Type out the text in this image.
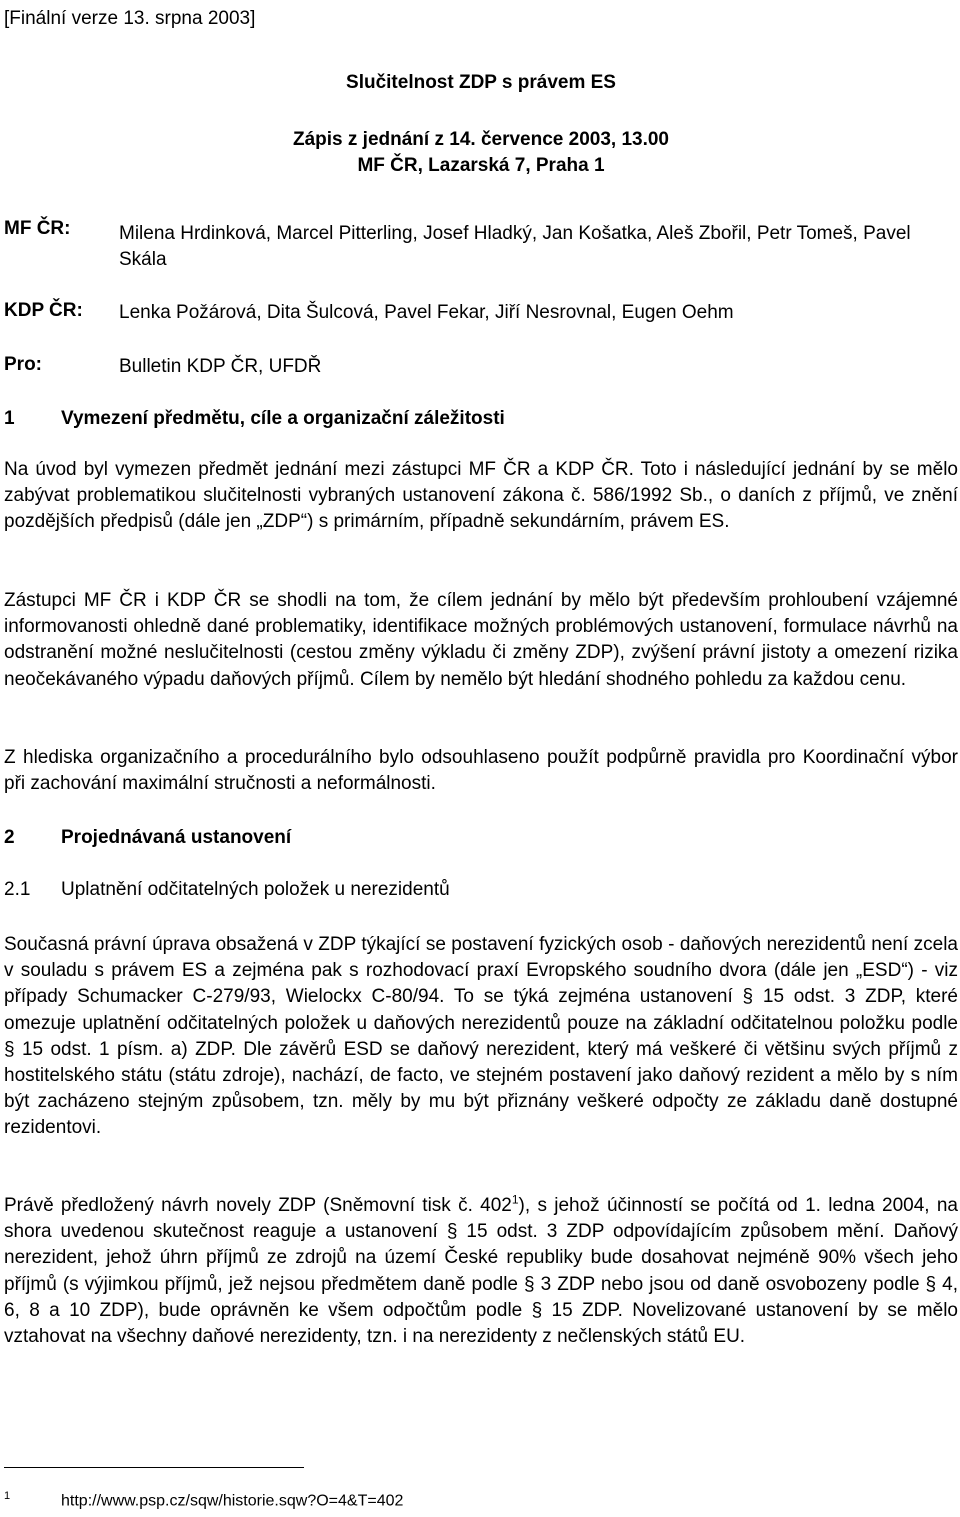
[Finální verze 13. srpna 2003]
Slučitelnost ZDP s právem ES
Zápis z jednání z 14. července 2003, 13.00
MF ČR, Lazarská 7, Praha 1
MF ČR:	Milena Hrdinková, Marcel Pitterling, Josef Hladký, Jan Košatka, Aleš Zbořil, Petr Tomeš, Pavel Skála
KDP ČR: Lenka Požárová, Dita Šulcová, Pavel Fekar, Jiří Nesrovnal, Eugen Oehm
Pro:	Bulletin KDP ČR, UFDŘ
1 Vymezení předmětu, cíle a organizační záležitosti
Na úvod byl vymezen předmět jednání mezi zástupci MF ČR a KDP ČR. Toto i následující jednání by se mělo zabývat problematikou slučitelnosti vybraných ustanovení zákona č. 586/1992 Sb., o daních z příjmů, ve znění pozdějších předpisů (dále jen „ZDP“) s primárním, případně sekundárním, právem ES.
Zástupci MF ČR i KDP ČR se shodli na tom, že cílem jednání by mělo být především prohloubení vzájemné informovanosti ohledně dané problematiky, identifikace možných problémových ustanovení, formulace návrhů na odstranění možné neslučitelnosti (cestou změny výkladu či změny ZDP), zvýšení právní jistoty a omezení rizika neočekávaného výpadu daňových příjmů. Cílem by nemělo být hledání shodného pohledu za každou cenu.
Z hlediska organizačního a procedurálního bylo odsouhlaseno použít podpůrně pravidla pro Koordinační výbor při zachování maximální stručnosti a neformálnosti.
2 Projednávaná ustanovení
2.1 Uplatnění odčitatelných položek u nerezidentů
Současná právní úprava obsažená v ZDP týkající se postavení fyzických osob - daňových nerezidentů není zcela v souladu s právem ES a zejména pak s rozhodovací praxí Evropského soudního dvora (dále jen „ESD“) - viz případy Schumacker C-279/93, Wielockx C-80/94. To se týká zejména ustanovení § 15 odst. 3 ZDP, které omezuje uplatnění odčitatelných položek u daňových nerezidentů pouze na základní odčitatelnou položku podle § 15 odst. 1 písm. a) ZDP. Dle závěrů ESD se daňový nerezident, který má veškeré či většinu svých příjmů z hostitelského státu (státu zdroje), nachází, de facto, ve stejném postavení jako daňový rezident a mělo by s ním být zacházeno stejným způsobem, tzn. měly by mu být přiznány veškeré odpočty ze základu daně dostupné rezidentovi.
Právě předložený návrh novely ZDP (Sněmovní tisk č. $402^1$), s jehož účinností se počítá od 1. ledna 2004, na shora uvedenou skutečnost reaguje a ustanovení § 15 odst. 3 ZDP odpovídajícím způsobem mění. Daňový nerezident, jehož úhrn příjmů ze zdrojů na území České republiky bude dosahovat nejméně 90% všech jeho příjmů (s výjimkou příjmů, jež nejsou předmětem daně podle § 3 ZDP nebo jsou od daně osvobozeny podle § 4, 6, 8 a 10 ZDP), bude oprávněn ke všem odpočtům podle § 15 ZDP. Novelizované ustanovení by se mělo vztahovat na všechny daňové nerezidenty, tzn. i na nerezidenty z nečlenských států EU.
1	http://www.psp.cz/sqw/historie.sqw?O=4&T=402
